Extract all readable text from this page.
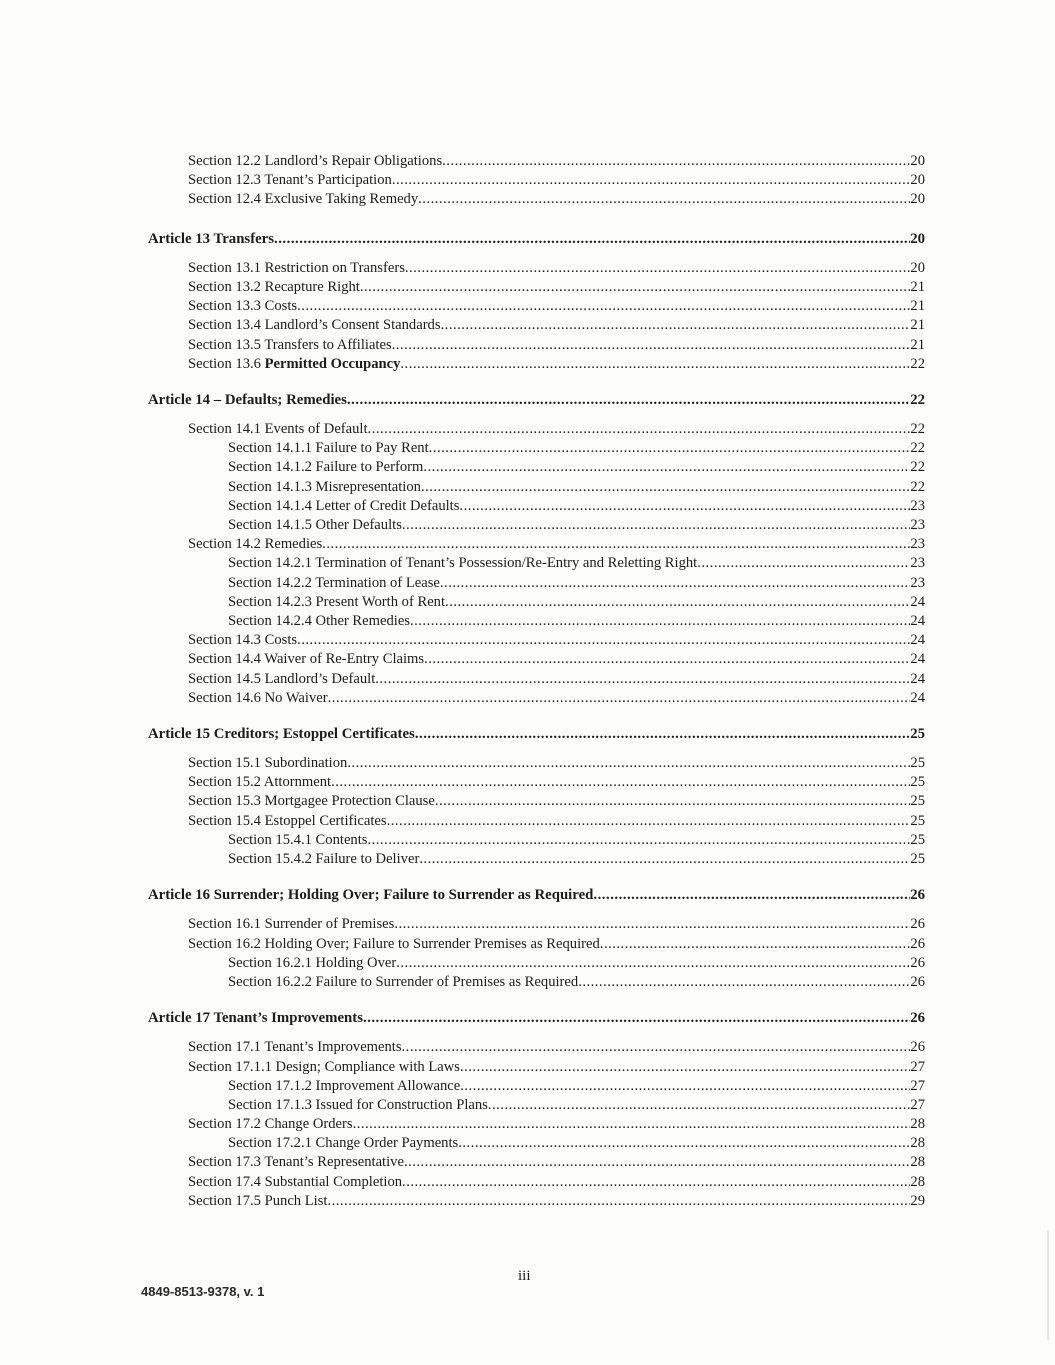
Section 12.2 Landlord’s Repair Obligations .....	20
Section 12.3 Tenant’s Participation .....	20
Section 12.4 Exclusive Taking Remedy .....	20
Article 13 Transfers .....	20
Section 13.1 Restriction on Transfers .....	20
Section 13.2 Recapture Right .....	21
Section 13.3 Costs .....	21
Section 13.4 Landlord’s Consent Standards .....	21
Section 13.5 Transfers to Affiliates .....	21
Section 13.6 Permitted Occupancy .....	22
Article 14 – Defaults; Remedies .....	22
Section 14.1 Events of Default .....	22
Section 14.1.1 Failure to Pay Rent .....	22
Section 14.1.2 Failure to Perform .....	22
Section 14.1.3 Misrepresentation .....	22
Section 14.1.4 Letter of Credit Defaults .....	23
Section 14.1.5 Other Defaults .....	23
Section 14.2 Remedies .....	23
Section 14.2.1 Termination of Tenant’s Possession/Re-Entry and Reletting Right .....	23
Section 14.2.2 Termination of Lease .....	23
Section 14.2.3 Present Worth of Rent .....	24
Section 14.2.4 Other Remedies .....	24
Section 14.3 Costs .....	24
Section 14.4 Waiver of Re-Entry Claims .....	24
Section 14.5 Landlord’s Default .....	24
Section 14.6 No Waiver .....	24
Article 15 Creditors; Estoppel Certificates .....	25
Section 15.1 Subordination .....	25
Section 15.2 Attornment .....	25
Section 15.3 Mortgagee Protection Clause .....	25
Section 15.4 Estoppel Certificates .....	25
Section 15.4.1 Contents .....	25
Section 15.4.2 Failure to Deliver .....	25
Article 16 Surrender; Holding Over; Failure to Surrender as Required .....	26
Section 16.1 Surrender of Premises .....	26
Section 16.2 Holding Over; Failure to Surrender Premises as Required .....	26
Section 16.2.1 Holding Over .....	26
Section 16.2.2 Failure to Surrender of Premises as Required .....	26
Article 17 Tenant’s Improvements .....	26
Section 17.1 Tenant’s Improvements .....	26
Section 17.1.1 Design; Compliance with Laws .....	27
Section 17.1.2 Improvement Allowance .....	27
Section 17.1.3 Issued for Construction Plans .....	27
Section 17.2 Change Orders .....	28
Section 17.2.1 Change Order Payments .....	28
Section 17.3 Tenant’s Representative .....	28
Section 17.4 Substantial Completion .....	28
Section 17.5 Punch List .....	29
iii
4849-8513-9378, v. 1
